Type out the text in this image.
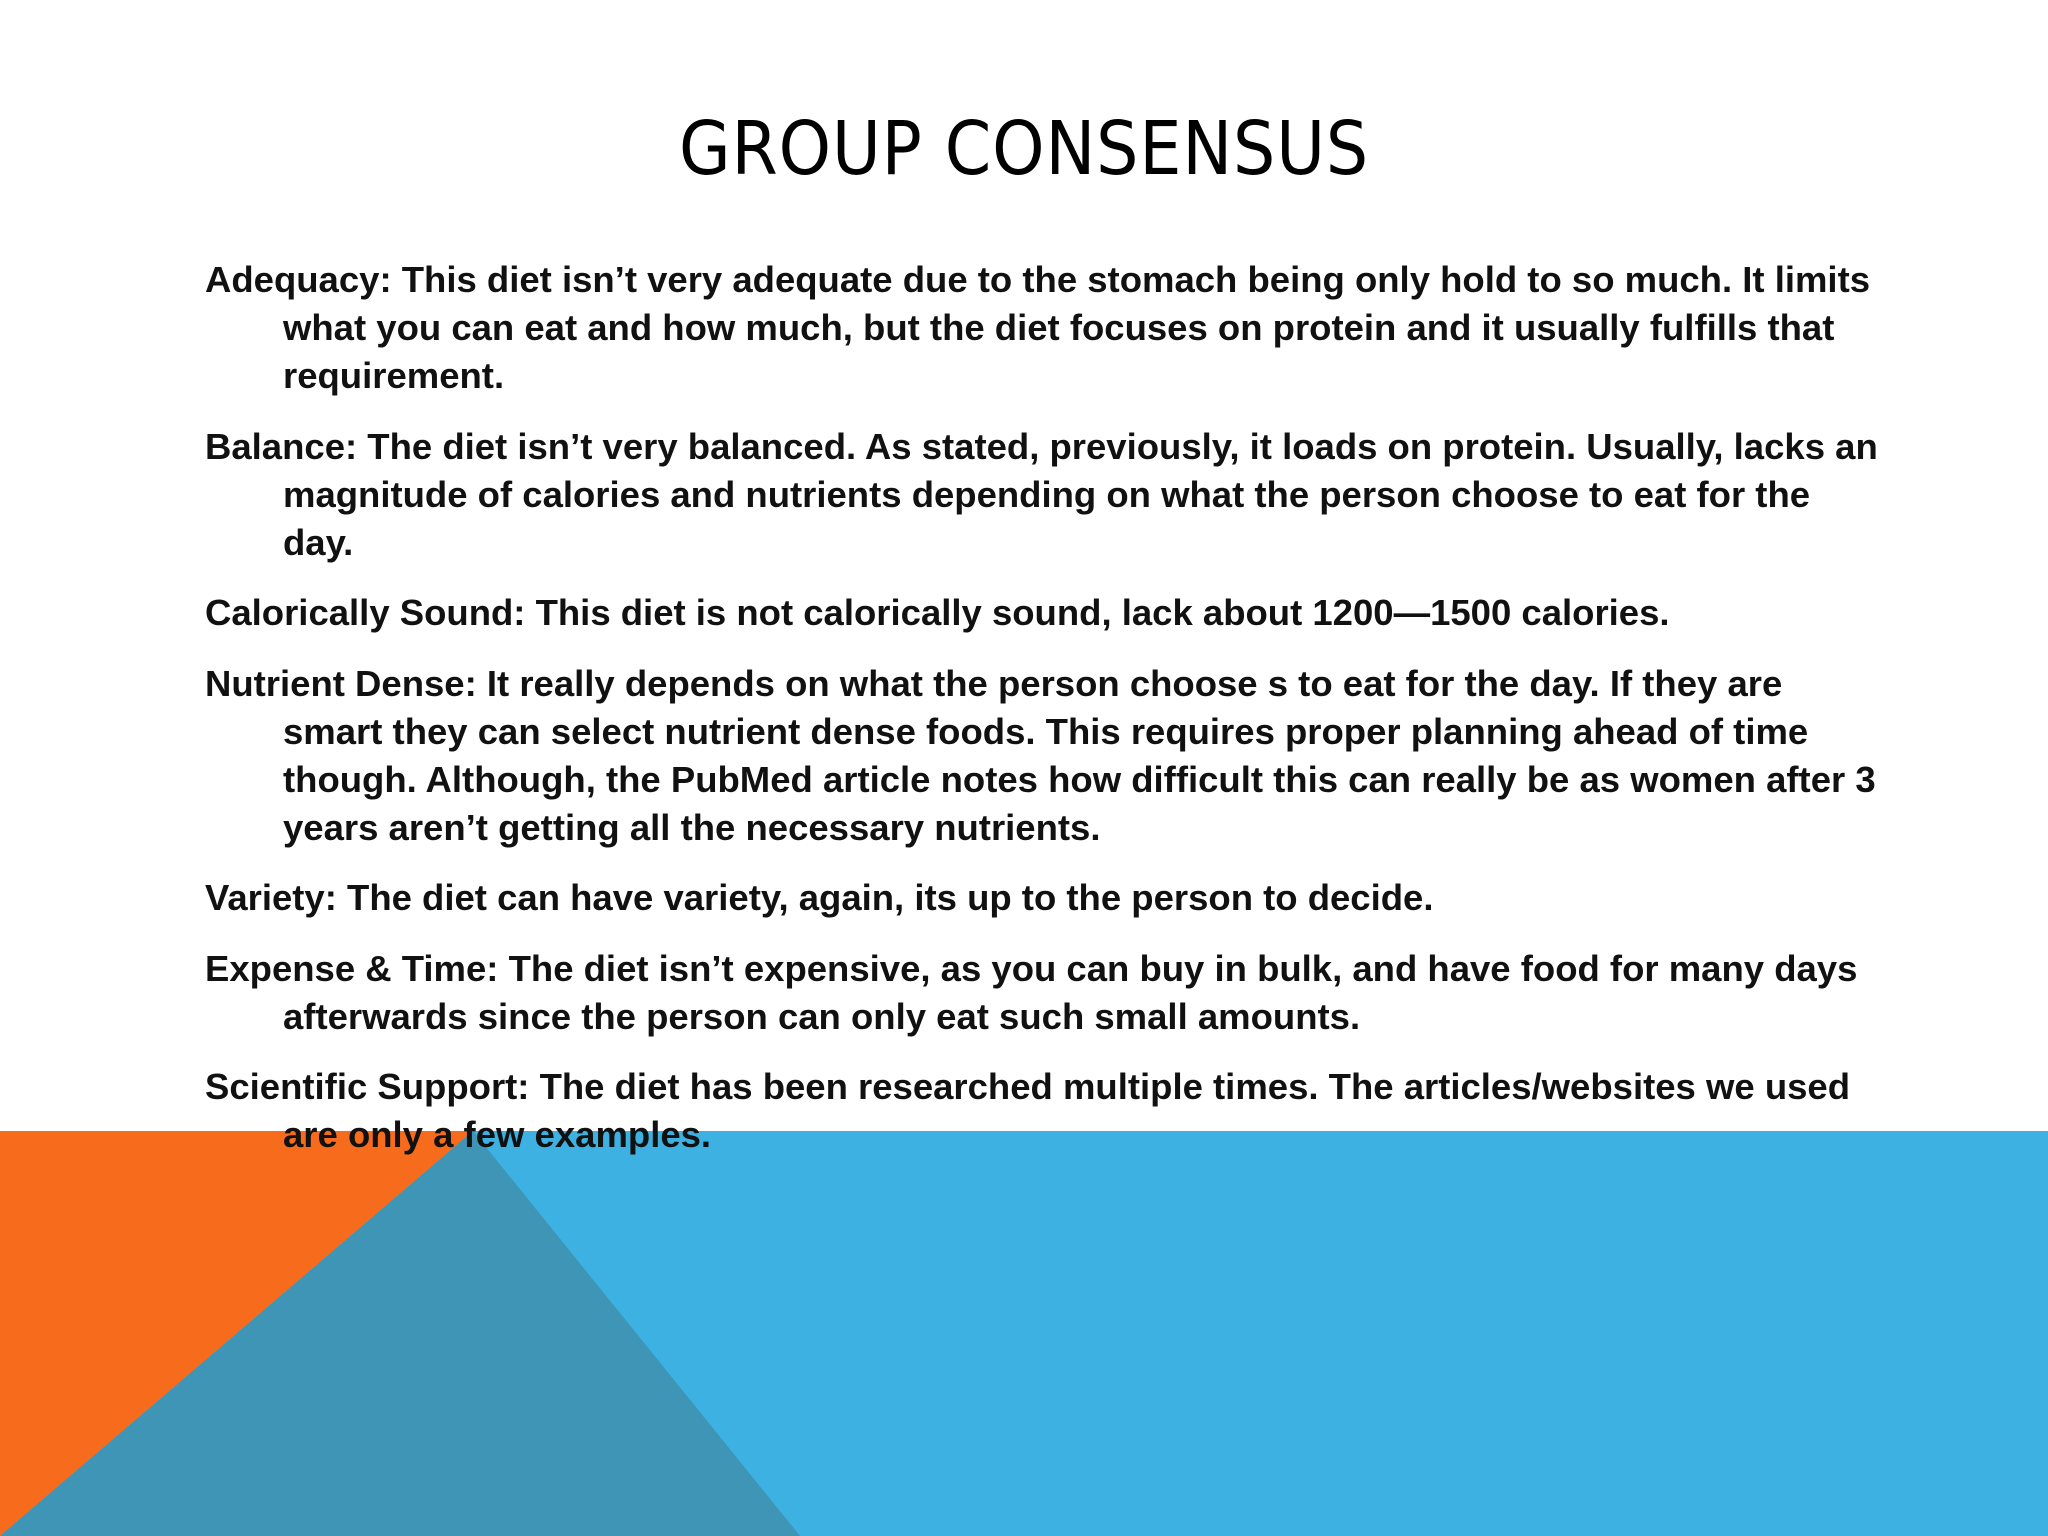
GROUP CONSENSUS
Adequacy: This diet isn’t very adequate due to the stomach being only hold to so much. It limits what you can eat and how much, but the diet focuses on protein and it usually fulfills that requirement.
Balance: The diet isn’t very balanced. As stated, previously, it loads on protein. Usually, lacks an magnitude of calories and nutrients depending on what the person choose to eat for the day.
Calorically Sound: This diet is not calorically sound, lack about 1200—1500 calories.
Nutrient Dense: It really depends on what the person choose s to eat for the day. If they are smart they can select nutrient dense foods. This requires proper planning ahead of time though. Although, the PubMed article notes how difficult this can really be as women after 3 years aren’t getting all the necessary nutrients.
Variety: The diet can have variety, again, its up to the person to decide.
Expense & Time: The diet isn’t expensive, as you can buy in bulk, and have food for many days afterwards since the person can only eat such small amounts.
Scientific Support: The diet has been researched multiple times. The articles/websites we used are only a few examples.
